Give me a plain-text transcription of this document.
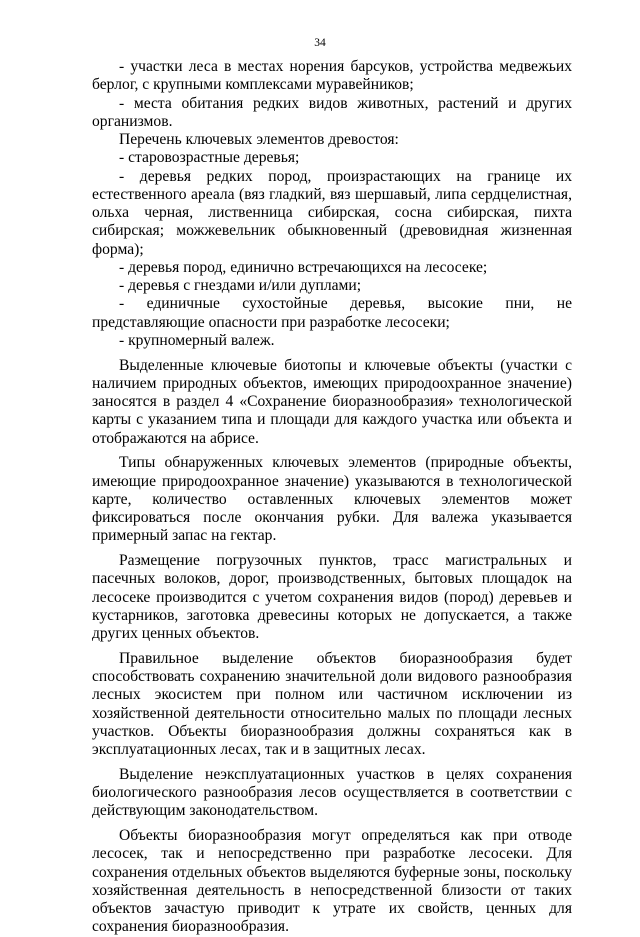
34

- участки леса в местах норения барсуков, устройства медвежьих берлог, с крупными комплексами муравейников;

- места обитания редких видов животных, растений и других организмов.

Перечень ключевых элементов древостоя:

- старовозрастные деревья;

- деревья редких пород, произрастающих на границе их естественного ареала (вяз гладкий, вяз шершавый, липа сердцелистная, ольха черная, лиственница сибирская, сосна сибирская, пихта сибирская; можжевельник обыкновенный (древовидная жизненная форма);

- деревья пород, единично встречающихся на лесосеке;

- деревья с гнездами и/или дуплами;

- единичные сухостойные деревья, высокие пни, не представляющие опасности при разработке лесосеки;

- крупномерный валеж.

Выделенные ключевые биотопы и ключевые объекты (участки с наличием природных объектов, имеющих природоохранное значение) заносятся в раздел 4 «Сохранение биоразнообразия» технологической карты с указанием типа и площади для каждого участка или объекта и отображаются на абрисе.

Типы обнаруженных ключевых элементов (природные объекты, имеющие природоохранное значение) указываются в технологической карте, количество оставленных ключевых элементов может фиксироваться после окончания рубки. Для валежа указывается примерный запас на гектар.

Размещение погрузочных пунктов, трасс магистральных и пасечных волоков, дорог, производственных, бытовых площадок на лесосеке производится с учетом сохранения видов (пород) деревьев и кустарников, заготовка древесины которых не допускается, а также других ценных объектов.

Правильное выделение объектов биоразнообразия будет способствовать сохранению значительной доли видового разнообразия лесных экосистем при полном или частичном исключении из хозяйственной деятельности относительно малых по площади лесных участков. Объекты биоразнообразия должны сохраняться как в эксплуатационных лесах, так и в защитных лесах.

Выделение неэксплуатационных участков в целях сохранения биологического разнообразия лесов осуществляется в соответствии с действующим законодательством.

Объекты биоразнообразия могут определяться как при отводе лесосек, так и непосредственно при разработке лесосеки. Для сохранения отдельных объектов выделяются буферные зоны, поскольку хозяйственная деятельность в непосредственной близости от таких объектов зачастую приводит к утрате их свойств, ценных для сохранения биоразнообразия.
